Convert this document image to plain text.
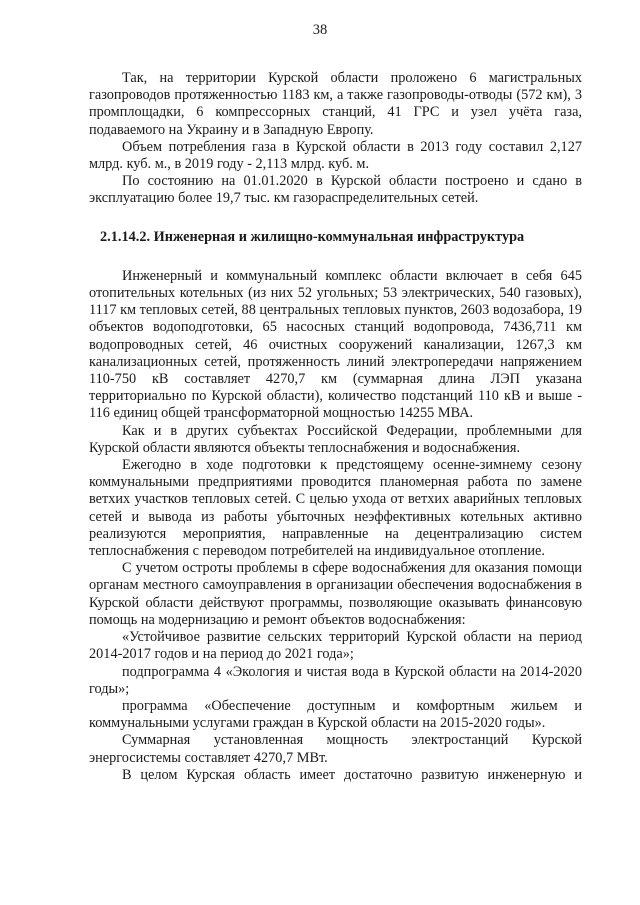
38

Так, на территории Курской области проложено 6 магистральных газопроводов протяженностью 1183 км, а также газопроводы-отводы (572 км), 3 промплощадки, 6 компрессорных станций, 41 ГРС и узел учёта газа, подаваемого на Украину и в Западную Европу.

Объем потребления газа в Курской области в 2013 году составил 2,127 млрд. куб. м., в 2019 году - 2,113 млрд. куб. м.

По состоянию на 01.01.2020 в Курской области построено и сдано в эксплуатацию более 19,7 тыс. км газораспределительных сетей.

2.1.14.2. Инженерная и жилищно-коммунальная инфраструктура

Инженерный и коммунальный комплекс области включает в себя 645 отопительных котельных (из них 52 угольных; 53 электрических, 540 газовых), 1117 км тепловых сетей, 88 центральных тепловых пунктов, 2603 водозабора, 19 объектов водоподготовки, 65 насосных станций водопровода, 7436,711 км водопроводных сетей, 46 очистных сооружений канализации, 1267,3 км канализационных сетей, протяженность линий электропередачи напряжением 110-750 кВ составляет 4270,7 км (суммарная длина ЛЭП указана территориально по Курской области), количество подстанций 110 кВ и выше - 116 единиц общей трансформаторной мощностью 14255 МВА.

Как и в других субъектах Российской Федерации, проблемными для Курской области являются объекты теплоснабжения и водоснабжения.

Ежегодно в ходе подготовки к предстоящему осенне-зимнему сезону коммунальными предприятиями проводится планомерная работа по замене ветхих участков тепловых сетей. С целью ухода от ветхих аварийных тепловых сетей и вывода из работы убыточных неэффективных котельных активно реализуются мероприятия, направленные на децентрализацию систем теплоснабжения с переводом потребителей на индивидуальное отопление.

С учетом остроты проблемы в сфере водоснабжения для оказания помощи органам местного самоуправления в организации обеспечения водоснабжения в Курской области действуют программы, позволяющие оказывать финансовую помощь на модернизацию и ремонт объектов водоснабжения:

«Устойчивое развитие сельских территорий Курской области на период 2014-2017 годов и на период до 2021 года»;

подпрограмма 4 «Экология и чистая вода в Курской области на 2014-2020 годы»;

программа «Обеспечение доступным и комфортным жильем и коммунальными услугами граждан в Курской области на 2015-2020 годы».

Суммарная установленная мощность электростанций Курской энергосистемы составляет 4270,7 МВт.

В целом Курская область имеет достаточно развитую инженерную и
